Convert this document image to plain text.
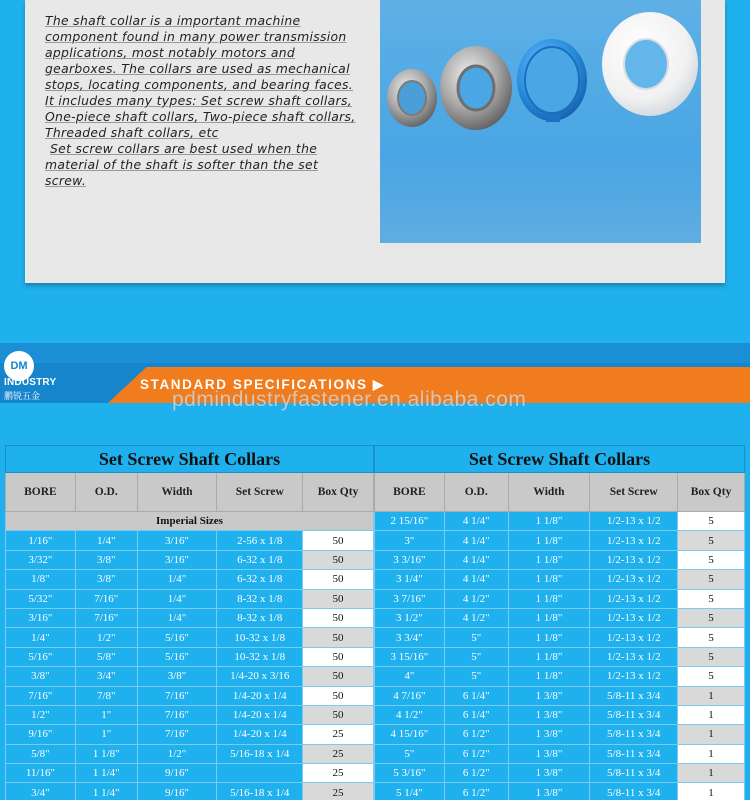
The shaft collar is a important machine component found in many power transmission applications, most notably motors and gearboxes. The collars are used as mechanical stops, locating components, and bearing faces. It includes many types: Set screw shaft collars, One-piece shaft collars, Two-piece shaft collars, Threaded shaft collars, etc

Set screw collars are best used when the material of the shaft is softer than the set screw.

DM
INDUSTRY
鹏锐五金
STANDARD SPECIFICATIONS ▶
pdmindustryfastener.en.alibaba.com
Set Screw Shaft Collars				
BORE	O.D.	Width	Set Screw	Box Qty
Imperial Sizes				
1/16"	1/4"	3/16"	2-56 x 1/8	50
3/32"	3/8"	3/16"	6-32 x 1/8	50
1/8"	3/8"	1/4"	6-32 x 1/8	50
5/32"	7/16"	1/4"	8-32 x 1/8	50
3/16"	7/16"	1/4"	8-32 x 1/8	50
1/4"	1/2"	5/16"	10-32 x 1/8	50
5/16"	5/8"	5/16"	10-32 x 1/8	50
3/8"	3/4"	3/8"	1/4-20 x 3/16	50
7/16"	7/8"	7/16"	1/4-20 x 1/4	50
1/2"	1"	7/16"	1/4-20 x 1/4	50
9/16"	1"	7/16"	1/4-20 x 1/4	25
5/8"	1 1/8"	1/2"	5/16-18 x 1/4	25
11/16"	1 1/4"	9/16"		25
3/4"	1 1/4"	9/16"	5/16-18 x 1/4	25
Set Screw Shaft Collars				
BORE	O.D.	Width	Set Screw	Box Qty
2 15/16"	4 1/4"	1 1/8"	1/2-13 x 1/2	5
3"	4 1/4"	1 1/8"	1/2-13 x 1/2	5
3 3/16"	4 1/4"	1 1/8"	1/2-13 x 1/2	5
3 1/4"	4 1/4"	1 1/8"	1/2-13 x 1/2	5
3 7/16"	4 1/2"	1 1/8"	1/2-13 x 1/2	5
3 1/2"	4 1/2"	1 1/8"	1/2-13 x 1/2	5
3 3/4"	5"	1 1/8"	1/2-13 x 1/2	5
3 15/16"	5"	1 1/8"	1/2-13 x 1/2	5
4"	5"	1 1/8"	1/2-13 x 1/2	5
4 7/16"	6 1/4"	1 3/8"	5/8-11 x 3/4	1
4 1/2"	6 1/4"	1 3/8"	5/8-11 x 3/4	1
4 15/16"	6 1/2"	1 3/8"	5/8-11 x 3/4	1
5"	6 1/2"	1 3/8"	5/8-11 x 3/4	1
5 3/16"	6 1/2"	1 3/8"	5/8-11 x 3/4	1
5 1/4"	6 1/2"	1 3/8"	5/8-11 x 3/4	1
